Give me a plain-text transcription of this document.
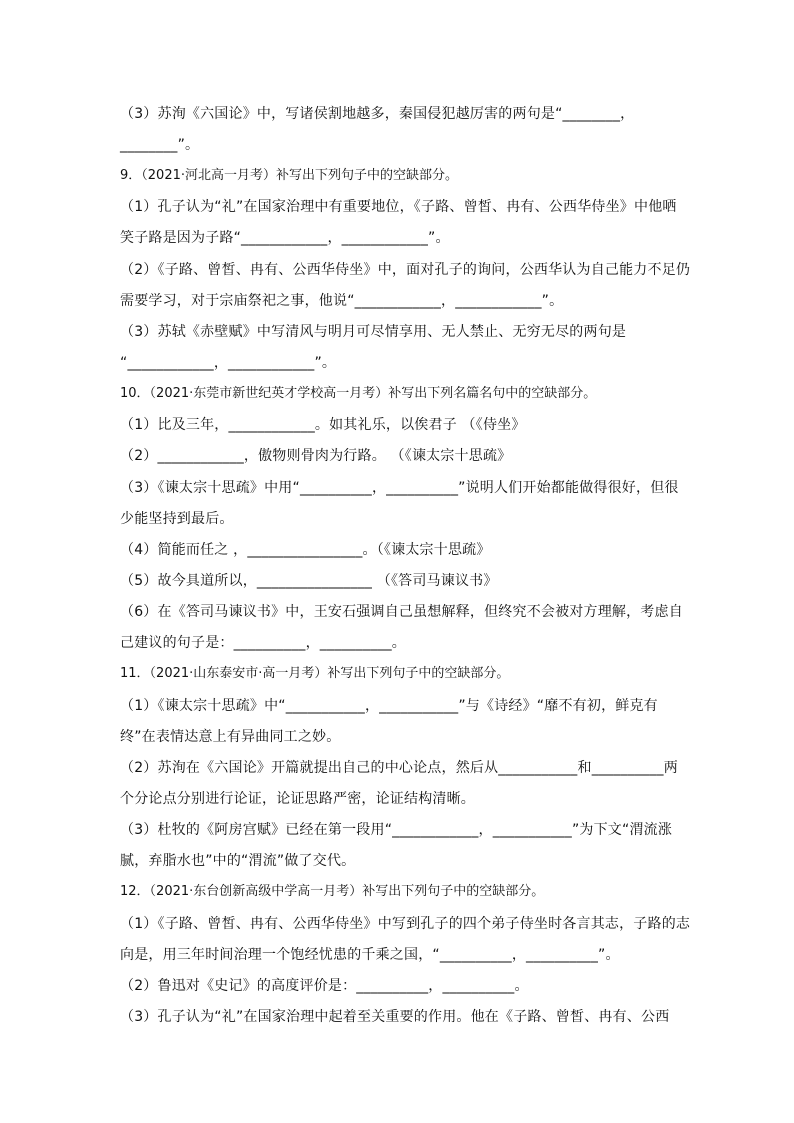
（3）苏洵《六国论》中，写诸侯割地越多，秦国侵犯越厉害的两句是“________，
________”。
9．（2021·河北高一月考）补写出下列句子中的空缺部分。
（1）孔子认为“礼”在国家治理中有重要地位，《子路、曾皙、冉有、公西华侍坐》中他哂
笑子路是因为子路“____________，____________”。
（2）《子路、曾皙、冉有、公西华侍坐》中，面对孔子的询问，公西华认为自己能力不足仍
需要学习，对于宗庙祭祀之事，他说“____________，____________”。
（3）苏轼《赤壁赋》中写清风与明月可尽情享用、无人禁止、无穷无尽的两句是
“____________，____________”。
10．（2021·东莞市新世纪英才学校高一月考）补写出下列名篇名句中的空缺部分。
（1）比及三年，____________。如其礼乐，以俟君子 （《侍坐》
（2）____________，傲物则骨肉为行路。 （《谏太宗十思疏》
（3）《谏太宗十思疏》中用“__________，__________”说明人们开始都能做得很好，但很
少能坚持到最后。
（4）简能而任之 ，________________。（《谏太宗十思疏》
（5）故今具道所以，________________ （《答司马谏议书》
（6）在《答司马谏议书》中，王安石强调自己虽想解释，但终究不会被对方理解，考虑自
己建议的句子是：__________，__________。
11．（2021·山东泰安市·高一月考）补写出下列句子中的空缺部分。
（1）《谏太宗十思疏》中“___________，___________”与《诗经》“靡不有初，鲜克有
终”在表情达意上有异曲同工之妙。
（2）苏洵在《六国论》开篇就提出自己的中心论点，然后从___________和__________两
个分论点分别进行论证，论证思路严密，论证结构清晰。
（3）杜牧的《阿房宫赋》已经在第一段用“____________，___________”为下文“渭流涨
腻，弃脂水也”中的“渭流”做了交代。
12．（2021·东台创新高级中学高一月考）补写出下列句子中的空缺部分。
（1）《子路、曾皙、冉有、公西华侍坐》中写到孔子的四个弟子侍坐时各言其志，子路的志
向是，用三年时间治理一个饱经忧患的千乘之国，“__________，__________”。
（2）鲁迅对《史记》的高度评价是：__________，__________。
（3）孔子认为“礼”在国家治理中起着至关重要的作用。他在《子路、曾皙、冉有、公西
